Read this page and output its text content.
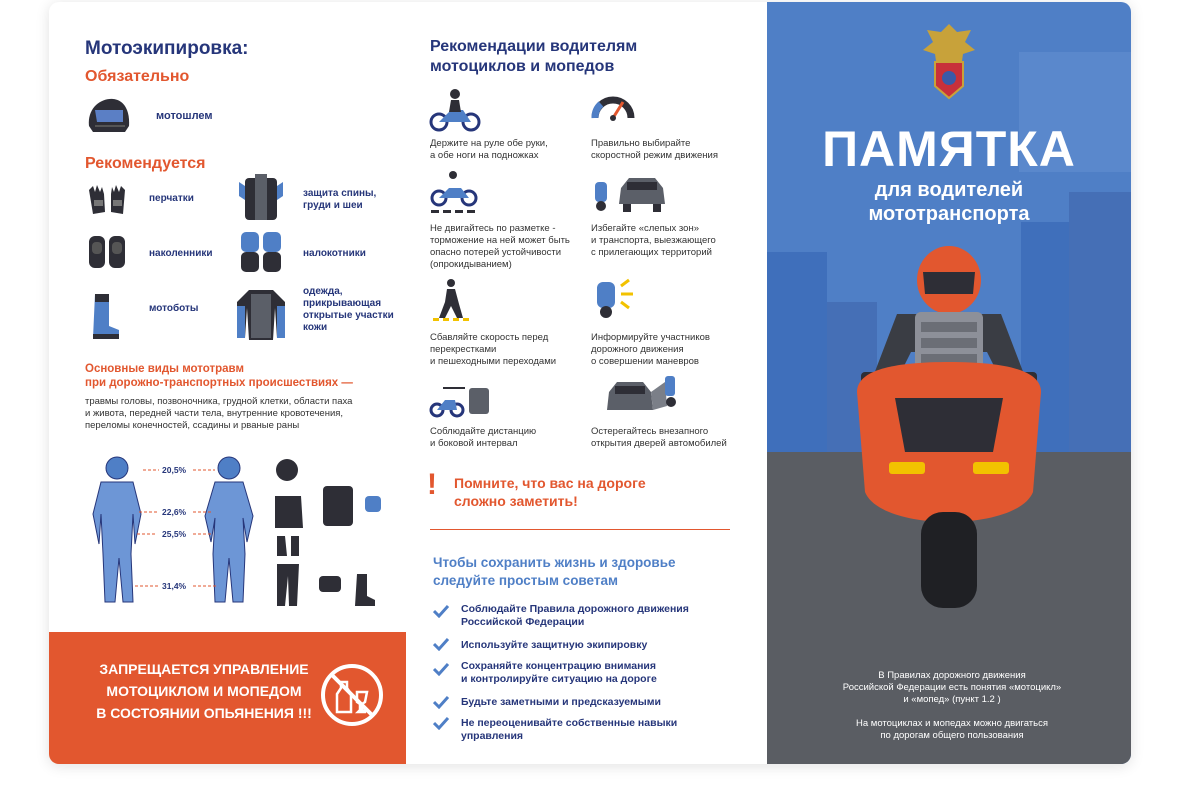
Мотоэкипировка:
Обязательно
мотошлем
Рекомендуется
перчатки
наколенники
мотоботы
защита спины,
груди и шеи
налокотники
одежда,
прикрывающая
открытые участки
кожи
Основные виды мототравм
при дорожно-транспортных происшествиях —
травмы головы, позвоночника, грудной клетки, области паха
и живота, передней части тела, внутренние кровотечения,
переломы конечностей, ссадины и рваные раны
20,5%
22,6%
25,5%
31,4%
ЗАПРЕЩАЕТСЯ УПРАВЛЕНИЕ
МОТОЦИКЛОМ И МОПЕДОМ
В СОСТОЯНИИ ОПЬЯНЕНИЯ !!!
Рекомендации водителям
мотоциклов и мопедов
Держите на руле обе руки,
а обе ноги на подножках
Правильно выбирайте
скоростной режим движения
Не двигайтесь по разметке -
торможение на ней может быть
опасно потерей устойчивости
(опрокидыванием)
Избегайте «слепых зон»
и транспорта, выезжающего
с прилегающих территорий
Сбавляйте скорость перед
перекрестками
и пешеходными переходами
Информируйте участников
дорожного движения
о совершении маневров
Соблюдайте дистанцию
и боковой интервал
Остерегайтесь внезапного
открытия дверей автомобилей
! Помните, что вас на дороге
сложно заметить!
Чтобы сохранить жизнь и здоровье
следуйте простым советам
Соблюдайте Правила дорожного движения
Российской Федерации
Используйте защитную экипировку
Сохраняйте концентрацию внимания
и контролируйте ситуацию на дороге
Будьте заметными и предсказуемыми
Не переоценивайте собственные навыки
управления
ПАМЯТКА
для водителей
мототранспорта
В Правилах дорожного движения
Российской Федерации есть понятия «мотоцикл»
и «мопед» (пункт 1.2 )
На мотоциклах и мопедах можно двигаться
по дорогам общего пользования
